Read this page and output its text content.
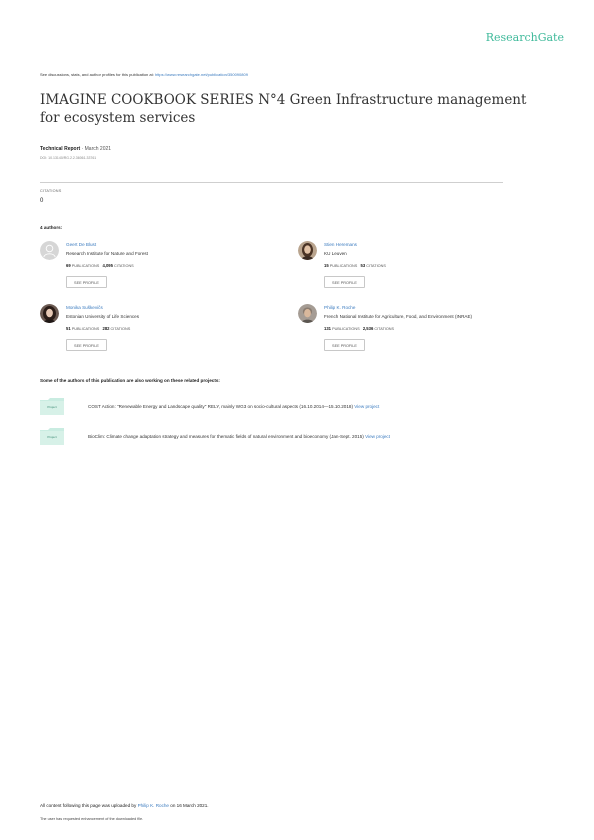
ResearchGate
See discussions, stats, and author profiles for this publication at: https://www.researchgate.net/publication/350090809
IMAGINE COOKBOOK SERIES N°4 Green Infrastructure management for ecosystem services
Technical Report · March 2021
DOI: 10.13140/RG.2.2.36061.33761
CITATIONS
0
4 authors:
Geert De Blust
Research Institute for Nature and Forest
69 PUBLICATIONS 4,095 CITATIONS
SEE PROFILE
Stien Heremans
KU Leuven
15 PUBLICATIONS 53 CITATIONS
SEE PROFILE
Monika Suškevičs
Estonian University of Life Sciences
51 PUBLICATIONS 282 CITATIONS
SEE PROFILE
Philip K. Roche
French National Institute for Agriculture, Food, and Environment (INRAE)
131 PUBLICATIONS 2,536 CITATIONS
SEE PROFILE
Some of the authors of this publication are also working on these related projects:
Project	COST Action: "Renewable Energy and Landscape quality" RELY, mainly WG3 on socio-cultural aspects (16.10.2014—15.10.2018) View project
Project	BioClim: Climate change adaptation strategy and measures for thematic fields of natural environment and bioeconomy (Jan-Sept. 2015) View project
All content following this page was uploaded by Philip K. Roche on 16 March 2021.
The user has requested enhancement of the downloaded file.
